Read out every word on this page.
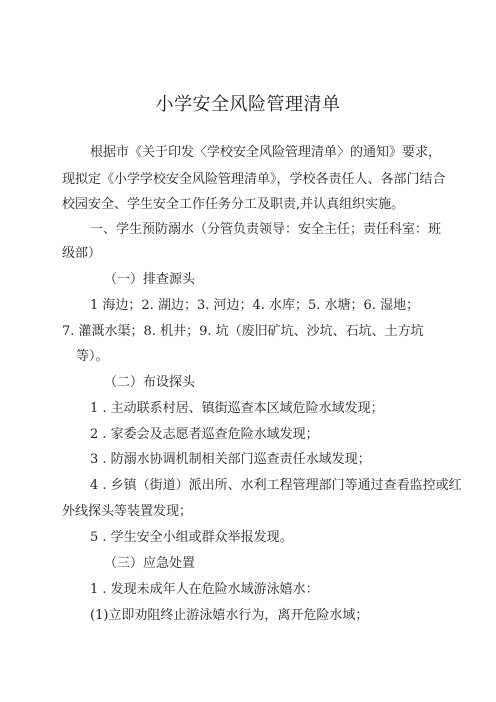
小学安全风险管理清单
根据市《关于印发〈学校安全风险管理清单〉的通知》要求，
现拟定《小学学校安全风险管理清单》，学校各责任人、各部门结合
校园安全、学生安全工作任务分工及职责,并认真组织实施。
一、学生预防溺水（分管负责领导：安全主任；责任科室：班
级部）
（一）排查源头
1 海边；2. 湖边；3. 河边；4. 水库；5. 水塘；6. 湿地；
7. 灌溉水渠；8. 机井；9. 坑（废旧矿坑、沙坑、石坑、土方坑
等）。
（二）布设探头
1 . 主动联系村居、镇街巡查本区域危险水域发现；
2 . 家委会及志愿者巡查危险水域发现；
3 . 防溺水协调机制相关部门巡查责任水域发现；
4 . 乡镇（街道）派出所、水利工程管理部门等通过查看监控或红
外线探头等装置发现；
5 . 学生安全小组或群众举报发现。
（三）应急处置
1 . 发现未成年人在危险水域游泳嬉水：
(1)立即劝阻终止游泳嬉水行为，离开危险水域；
